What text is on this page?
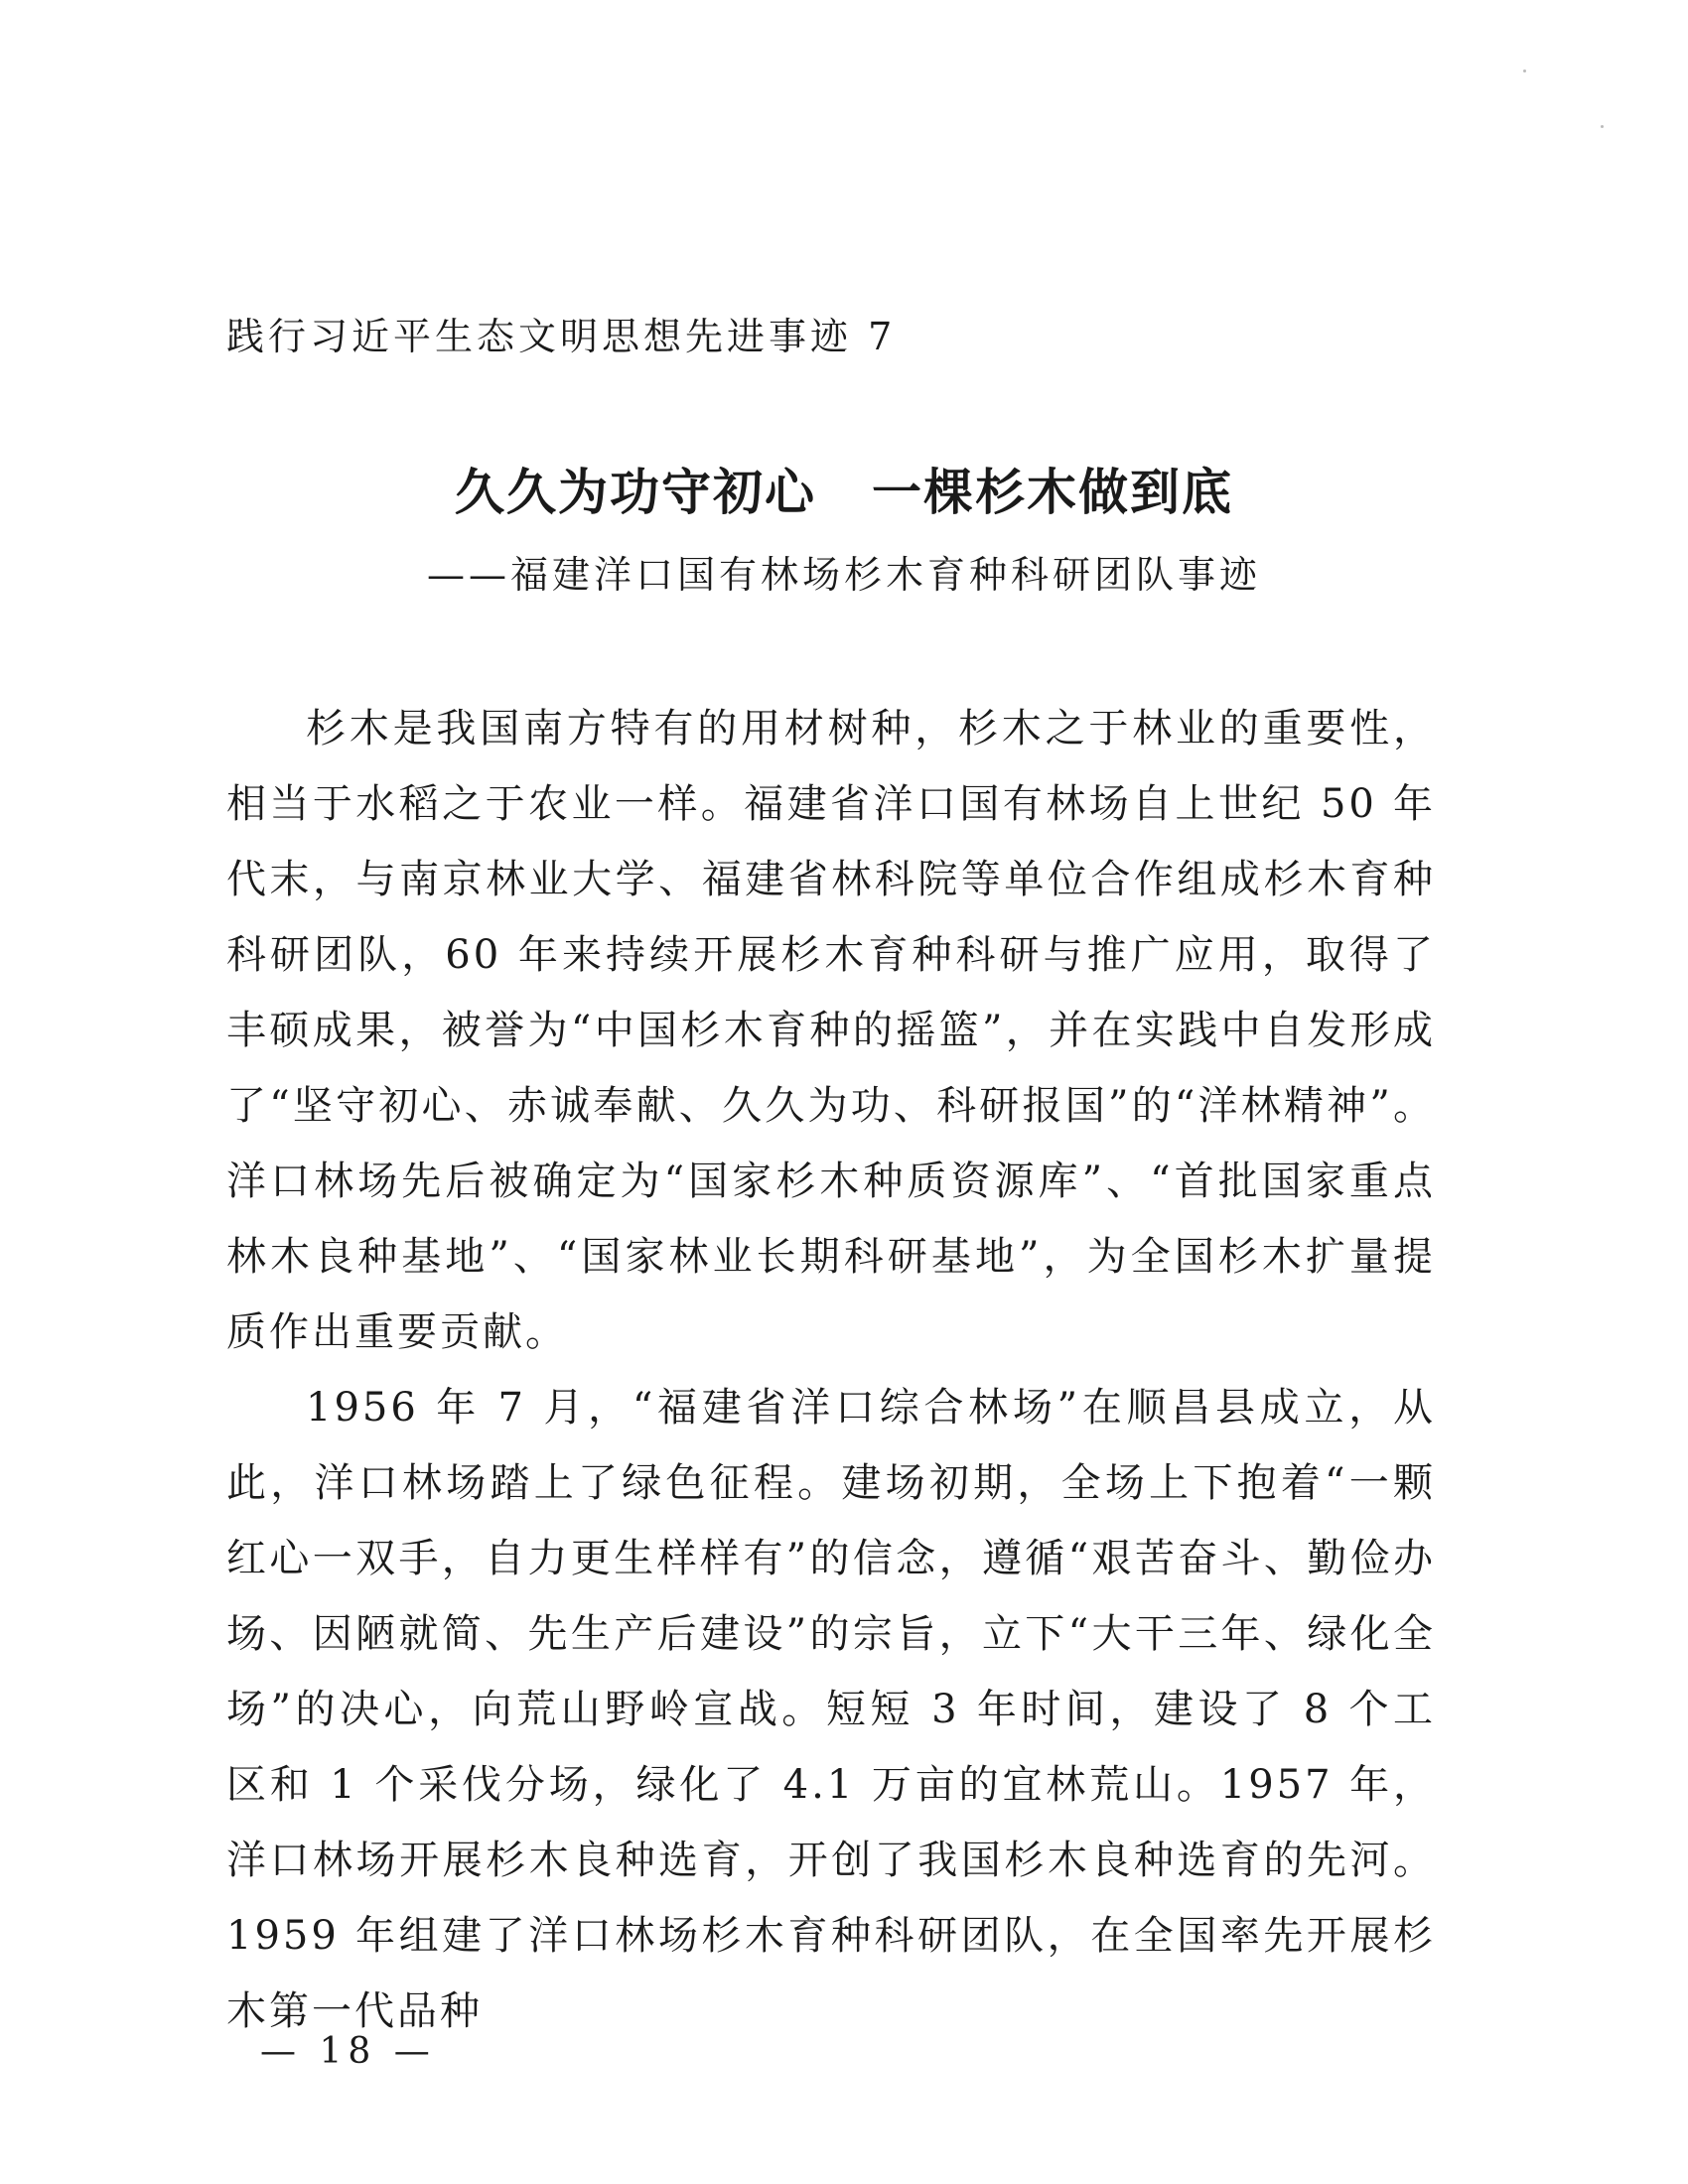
践行习近平生态文明思想先进事迹 7
久久为功守初心 一棵杉木做到底
——福建洋口国有林场杉木育种科研团队事迹

杉木是我国南方特有的用材树种，杉木之于林业的重要性，相当于水稻之于农业一样。福建省洋口国有林场自上世纪 50 年代末，与南京林业大学、福建省林科院等单位合作组成杉木育种科研团队，60 年来持续开展杉木育种科研与推广应用，取得了丰硕成果，被誉为“中国杉木育种的摇篮”，并在实践中自发形成了“坚守初心、赤诚奉献、久久为功、科研报国”的“洋林精神”。洋口林场先后被确定为“国家杉木种质资源库”、“首批国家重点林木良种基地”、“国家林业长期科研基地”，为全国杉木扩量提质作出重要贡献。

1956 年 7 月，“福建省洋口综合林场”在顺昌县成立，从此，洋口林场踏上了绿色征程。建场初期，全场上下抱着“一颗红心一双手，自力更生样样有”的信念，遵循“艰苦奋斗、勤俭办场、因陋就简、先生产后建设”的宗旨，立下“大干三年、绿化全场”的决心，向荒山野岭宣战。短短 3 年时间，建设了 8 个工区和 1 个采伐分场，绿化了 4.1 万亩的宜林荒山。1957 年，洋口林场开展杉木良种选育，开创了我国杉木良种选育的先河。1959 年组建了洋口林场杉木育种科研团队，在全国率先开展杉木第一代品种

— 18 —
